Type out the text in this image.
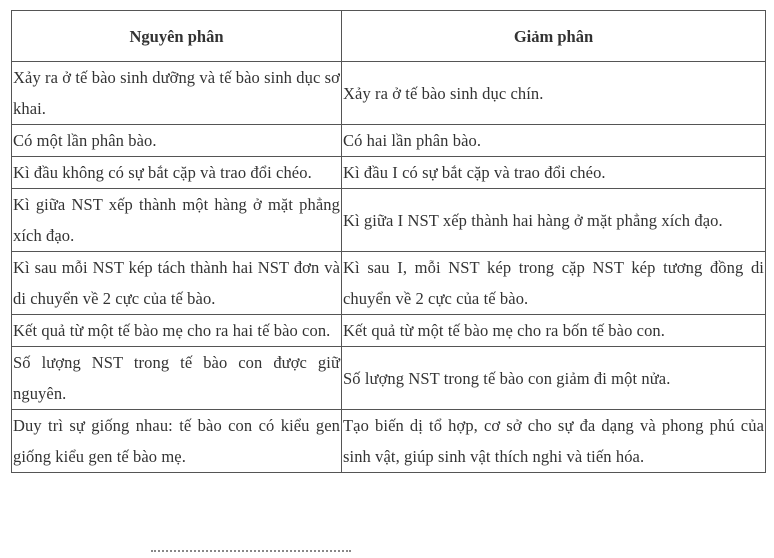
Nguyên phân	Giảm phân
Xảy ra ở tế bào sinh dưỡng và tế bào sinh dục sơ khai.	Xảy ra ở tế bào sinh dục chín.
Có một lần phân bào.	Có hai lần phân bào.
Kì đầu không có sự bắt cặp và trao đổi chéo.	Kì đầu I có sự bắt cặp và trao đổi chéo.
Kì giữa NST xếp thành một hàng ở mặt phẳng xích đạo.	Kì giữa I NST xếp thành hai hàng ở mặt phẳng xích đạo.
Kì sau mỗi NST kép tách thành hai NST đơn và di chuyển về 2 cực của tế bào.	Kì sau I, mỗi NST kép trong cặp NST kép tương đồng di chuyển về 2 cực của tế bào.
Kết quả từ một tế bào mẹ cho ra hai tế bào con.	Kết quả từ một tế bào mẹ cho ra bốn tế bào con.
Số lượng NST trong tế bào con được giữ nguyên.	Số lượng NST trong tế bào con giảm đi một nửa.
Duy trì sự giống nhau: tế bào con có kiểu gen giống kiểu gen tế bào mẹ.	Tạo biến dị tổ hợp, cơ sở cho sự đa dạng và phong phú của sinh vật, giúp sinh vật thích nghi và tiến hóa.
